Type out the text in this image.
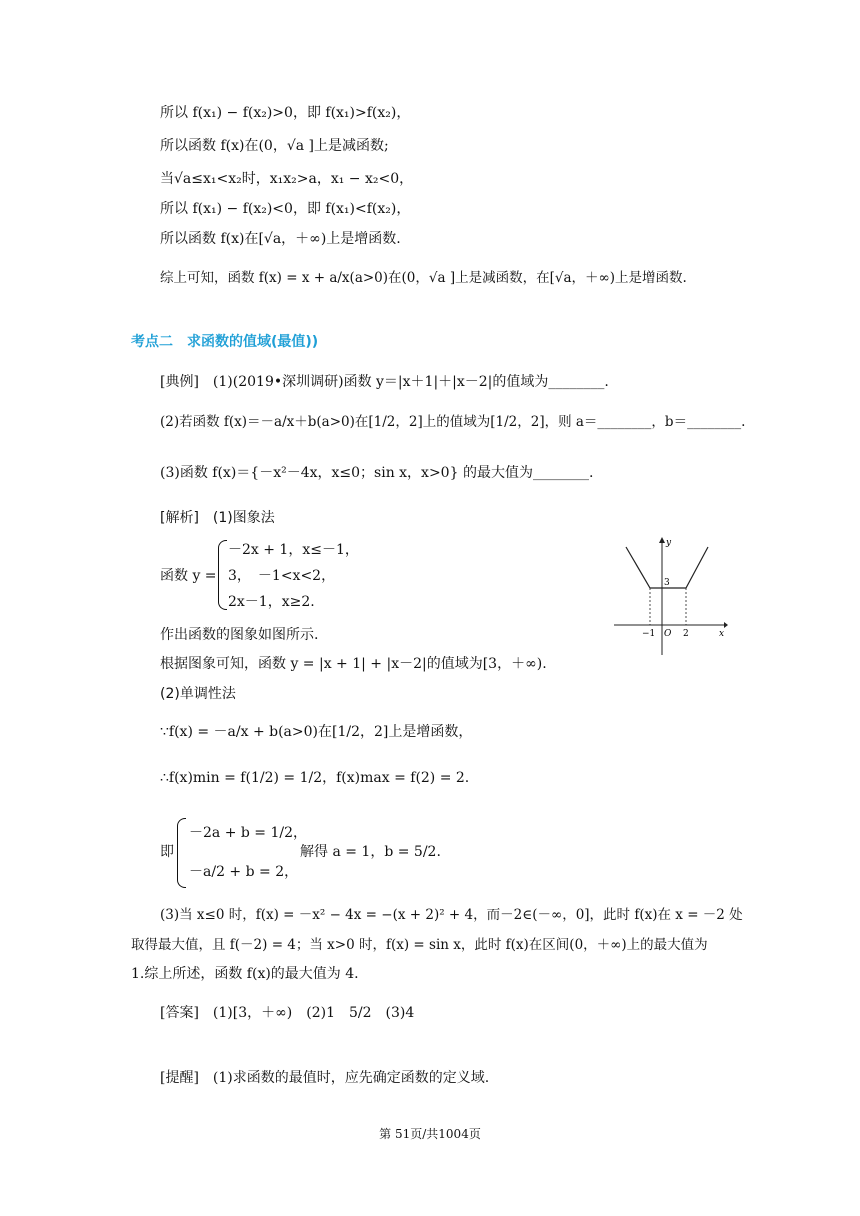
所以 f(x₁) − f(x₂)>0，即 f(x₁)>f(x₂)，
所以函数 f(x)在(0，√a ]上是减函数;
当√a≤x₁<x₂时，x₁x₂>a，x₁ − x₂<0，
所以 f(x₁) − f(x₂)<0，即 f(x₁)<f(x₂)，
所以函数 f(x)在[√a，＋∞)上是增函数.
综上可知，函数 f(x) = x + a/x(a>0)在(0，√a ]上是减函数，在[√a，＋∞)上是增函数.
考点二　求函数的值域(最值))
[典例]　(1)(2019•深圳调研)函数 y＝|x＋1|＋|x－2|的值域为________.
(2)若函数 f(x)＝－a/x＋b(a>0)在[1/2，2]上的值域为[1/2，2]，则 a＝________，b＝________.
(3)函数 f(x)＝{－x²－4x，x≤0；sin x，x>0} 的最大值为________.
[解析]　(1)图象法
函数 y =
－2x + 1，x≤－1，
3，　－1<x<2，
2x－1，x≥2.
y
x
3
−1 O 2
作出函数的图象如图所示.
根据图象可知，函数 y = |x + 1| + |x－2|的值域为[3，＋∞).
(2)单调性法
∵f(x) = －a/x + b(a>0)在[1/2，2]上是增函数，
∴f(x)min = f(1/2) = 1/2，f(x)max = f(2) = 2.
即
－2a + b = 1/2，
－a/2 + b = 2，
解得 a = 1，b = 5/2.
(3)当 x≤0 时，f(x) = －x² − 4x = −(x + 2)² + 4，而－2∈(－∞，0]，此时 f(x)在 x = －2 处
取得最大值，且 f(－2) = 4；当 x>0 时，f(x) = sin x，此时 f(x)在区间(0，＋∞)上的最大值为
1.综上所述，函数 f(x)的最大值为 4.
[答案]　(1)[3，＋∞)　(2)1　5/2　(3)4
[提醒]　(1)求函数的最值时，应先确定函数的定义域.
第 51页/共1004页
